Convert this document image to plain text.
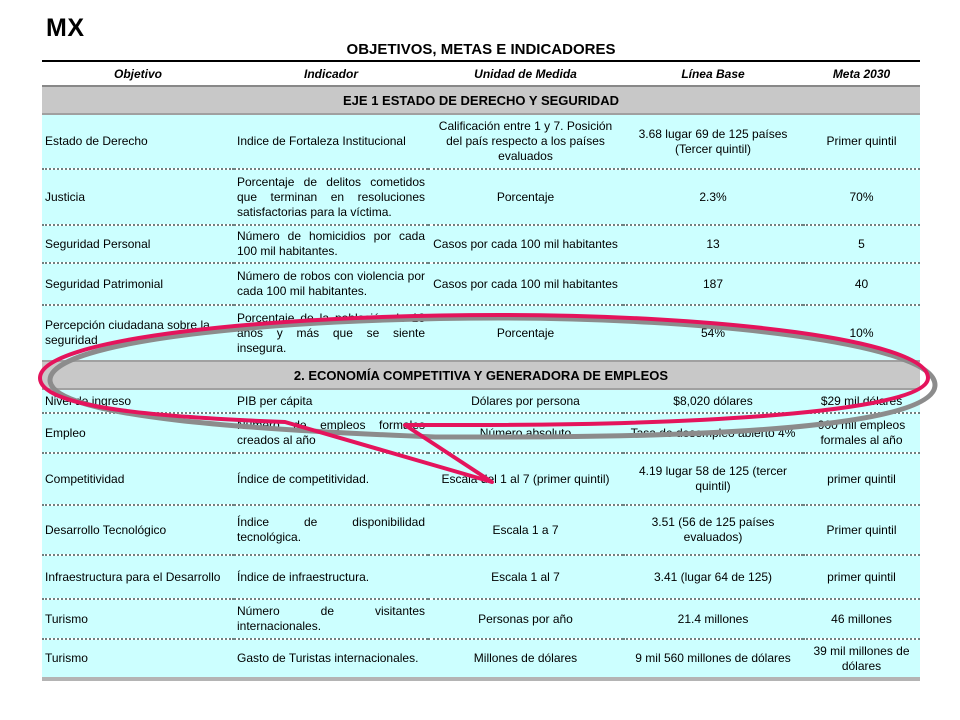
MX
OBJETIVOS, METAS E INDICADORES
Objetivo	Indicador	Unidad de Medida	Línea Base	Meta 2030
EJE 1 ESTADO DE DERECHO Y SEGURIDAD				
Estado de Derecho	Indice de Fortaleza Institucional	Calificación entre 1 y 7. Posición del país respecto a los países evaluados	3.68 lugar 69 de 125 países (Tercer quintil)	Primer quintil
Justicia	Porcentaje de delitos cometidos que terminan en resoluciones satisfactorias para la víctima.	Porcentaje	2.3%	70%
Seguridad Personal	Número de homicidios por cada 100 mil habitantes.	Casos por cada 100 mil habitantes	13	5
Seguridad Patrimonial	Número de robos con violencia por cada 100 mil habitantes.	Casos por cada 100 mil habitantes	187	40
Percepción ciudadana sobre la seguridad	Porcentaje de la población de 18 años y más que se siente insegura.	Porcentaje	54%	10%
2. ECONOMÍA COMPETITIVA Y GENERADORA DE EMPLEOS				
Nivel de ingreso	PIB per cápita	Dólares por persona	$8,020 dólares	$29 mil dólares
Empleo	Número de empleos formales creados al año	Número absoluto	Tasa de desempleo abierto 4%	900 mil empleos formales al año
Competitividad	Índice de competitividad.	Escala del 1 al 7 (primer quintil)	4.19 lugar 58 de 125 (tercer quintil)	primer quintil
Desarrollo Tecnológico	Índice de disponibilidad tecnológica.	Escala 1 a 7	3.51 (56 de 125 países evaluados)	Primer quintil
Infraestructura para el Desarrollo	Índice de infraestructura.	Escala 1 al 7	3.41 (lugar 64 de 125)	primer quintil
Turismo	Número de visitantes internacionales.	Personas por año	21.4 millones	46 millones
Turismo	Gasto de Turistas internacionales.	Millones de dólares	9 mil 560 millones de dólares	39 mil millones de dólares
